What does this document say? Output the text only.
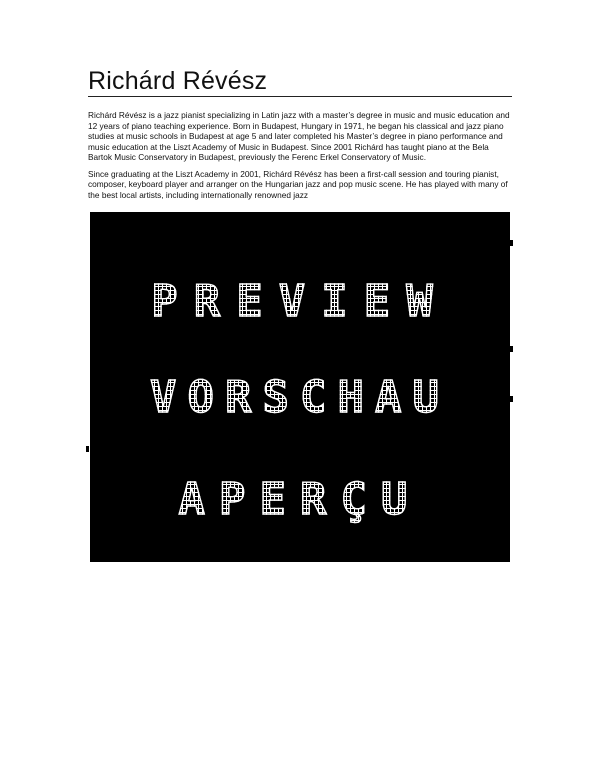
Richárd Révész

Richárd Révész is a jazz pianist specializing in Latin jazz with a master’s degree in music and music education and 12 years of piano teaching experience. Born in Budapest, Hungary in 1971, he began his classical and jazz piano studies at music schools in Budapest at age 5 and later completed his Master’s degree in piano performance and music education at the Liszt Academy of Music in Budapest. Since 2001 Richárd has taught piano at the Bela Bartok Music Conservatory in Budapest, previously the Ferenc Erkel Conservatory of Music.

Since graduating at the Liszt Academy in 2001, Richárd Révész has been a first-call session and touring pianist, composer, keyboard player and arranger on the Hungarian jazz and pop music scene. He has played with many of the best local artists, including internationally renowned jazz

PREVIEW
VORSCHAU
APERÇU
